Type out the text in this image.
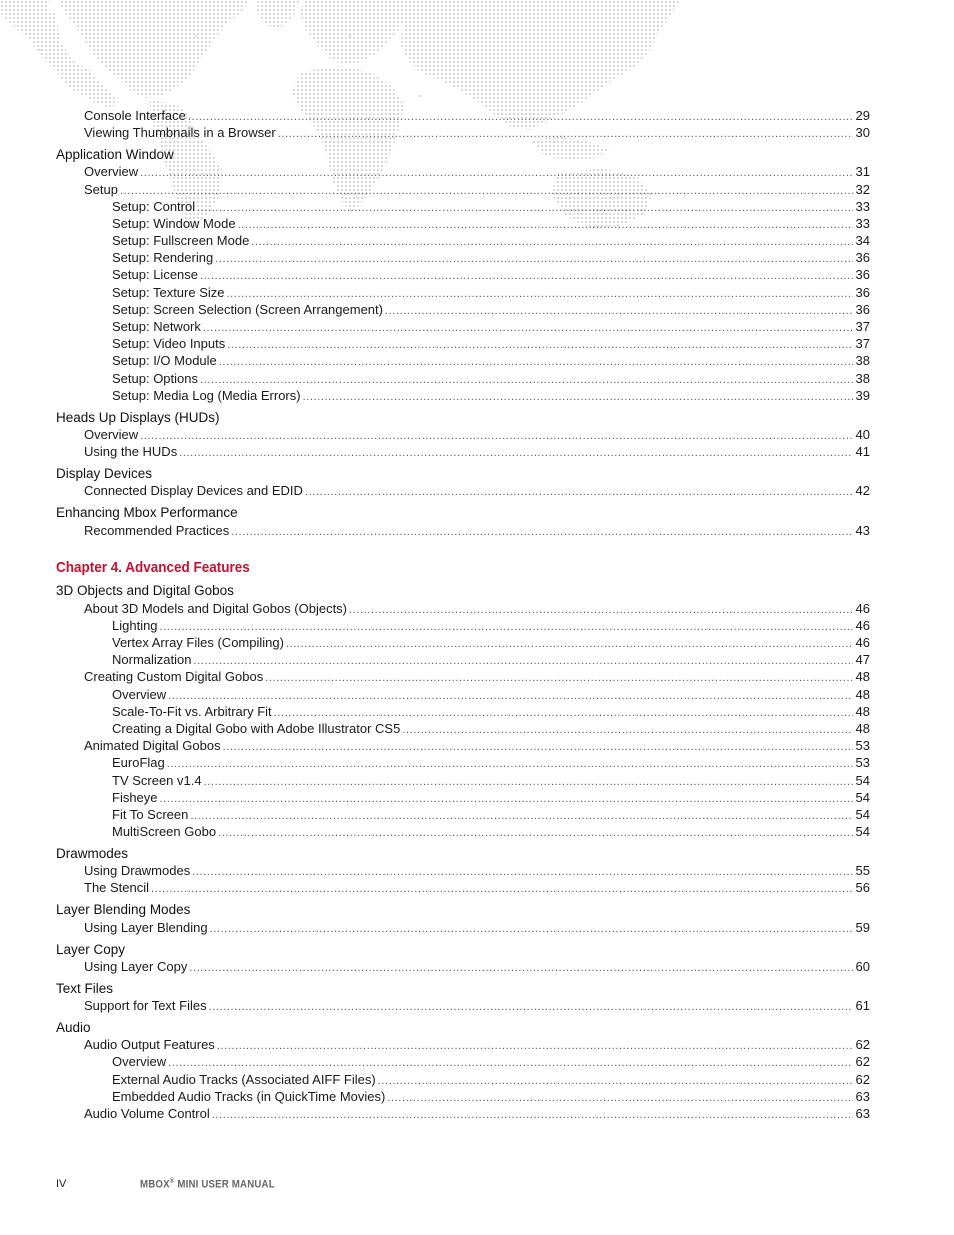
Console Interface .....	29
Viewing Thumbnails in a Browser .....	30
Application Window
Overview .....	31
Setup .....	32
Setup: Control .....	33
Setup: Window Mode .....	33
Setup: Fullscreen Mode .....	34
Setup: Rendering .....	36
Setup: License .....	36
Setup: Texture Size .....	36
Setup: Screen Selection (Screen Arrangement) .....	36
Setup: Network .....	37
Setup: Video Inputs .....	37
Setup: I/O Module .....	38
Setup: Options .....	38
Setup: Media Log (Media Errors) .....	39
Heads Up Displays (HUDs)
Overview .....	40
Using the HUDs .....	41
Display Devices
Connected Display Devices and EDID .....	42
Enhancing Mbox Performance
Recommended Practices .....	43
Chapter 4. Advanced Features
3D Objects and Digital Gobos
About 3D Models and Digital Gobos (Objects) .....	46
Lighting .....	46
Vertex Array Files (Compiling) .....	46
Normalization .....	47
Creating Custom Digital Gobos .....	48
Overview .....	48
Scale-To-Fit vs. Arbitrary Fit .....	48
Creating a Digital Gobo with Adobe Illustrator CS5 .....	48
Animated Digital Gobos .....	53
EuroFlag .....	53
TV Screen v1.4 .....	54
Fisheye .....	54
Fit To Screen .....	54
MultiScreen Gobo .....	54
Drawmodes
Using Drawmodes .....	55
The Stencil .....	56
Layer Blending Modes
Using Layer Blending .....	59
Layer Copy
Using Layer Copy .....	60
Text Files
Support for Text Files .....	61
Audio
Audio Output Features .....	62
Overview .....	62
External Audio Tracks (Associated AIFF Files) .....	62
Embedded Audio Tracks (in QuickTime Movies) .....	63
Audio Volume Control .....	63
IV	MBOX® MINI USER MANUAL
